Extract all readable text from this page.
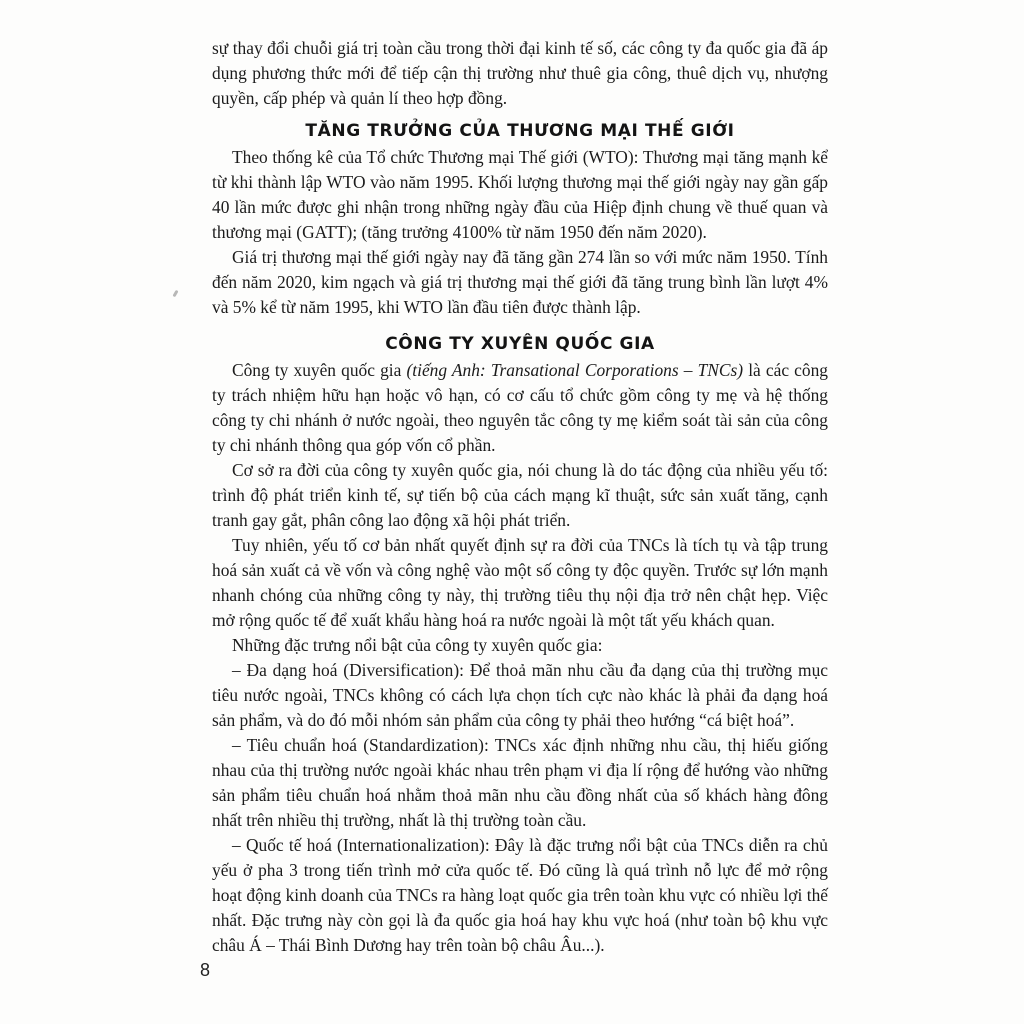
sự thay đổi chuỗi giá trị toàn cầu trong thời đại kinh tế số, các công ty đa quốc gia đã áp dụng phương thức mới để tiếp cận thị trường như thuê gia công, thuê dịch vụ, nhượng quyền, cấp phép và quản lí theo hợp đồng.

TĂNG TRƯỞNG CỦA THƯƠNG MẠI THẾ GIỚI

Theo thống kê của Tổ chức Thương mại Thế giới (WTO): Thương mại tăng mạnh kể từ khi thành lập WTO vào năm 1995. Khối lượng thương mại thế giới ngày nay gần gấp 40 lần mức được ghi nhận trong những ngày đầu của Hiệp định chung về thuế quan và thương mại (GATT); (tăng trưởng 4100% từ năm 1950 đến năm 2020).

Giá trị thương mại thế giới ngày nay đã tăng gần 274 lần so với mức năm 1950. Tính đến năm 2020, kim ngạch và giá trị thương mại thế giới đã tăng trung bình lần lượt 4% và 5% kể từ năm 1995, khi WTO lần đầu tiên được thành lập.

CÔNG TY XUYÊN QUỐC GIA

Công ty xuyên quốc gia (tiếng Anh: Transational Corporations – TNCs) là các công ty trách nhiệm hữu hạn hoặc vô hạn, có cơ cấu tổ chức gồm công ty mẹ và hệ thống công ty chi nhánh ở nước ngoài, theo nguyên tắc công ty mẹ kiểm soát tài sản của công ty chi nhánh thông qua góp vốn cổ phần.

Cơ sở ra đời của công ty xuyên quốc gia, nói chung là do tác động của nhiều yếu tố: trình độ phát triển kinh tế, sự tiến bộ của cách mạng kĩ thuật, sức sản xuất tăng, cạnh tranh gay gắt, phân công lao động xã hội phát triển.

Tuy nhiên, yếu tố cơ bản nhất quyết định sự ra đời của TNCs là tích tụ và tập trung hoá sản xuất cả về vốn và công nghệ vào một số công ty độc quyền. Trước sự lớn mạnh nhanh chóng của những công ty này, thị trường tiêu thụ nội địa trở nên chật hẹp. Việc mở rộng quốc tế để xuất khẩu hàng hoá ra nước ngoài là một tất yếu khách quan.

Những đặc trưng nổi bật của công ty xuyên quốc gia:

– Đa dạng hoá (Diversification): Để thoả mãn nhu cầu đa dạng của thị trường mục tiêu nước ngoài, TNCs không có cách lựa chọn tích cực nào khác là phải đa dạng hoá sản phẩm, và do đó mỗi nhóm sản phẩm của công ty phải theo hướng “cá biệt hoá”.

– Tiêu chuẩn hoá (Standardization): TNCs xác định những nhu cầu, thị hiếu giống nhau của thị trường nước ngoài khác nhau trên phạm vi địa lí rộng để hướng vào những sản phẩm tiêu chuẩn hoá nhằm thoả mãn nhu cầu đồng nhất của số khách hàng đông nhất trên nhiều thị trường, nhất là thị trường toàn cầu.

– Quốc tế hoá (Internationalization): Đây là đặc trưng nổi bật của TNCs diễn ra chủ yếu ở pha 3 trong tiến trình mở cửa quốc tế. Đó cũng là quá trình nỗ lực để mở rộng hoạt động kinh doanh của TNCs ra hàng loạt quốc gia trên toàn khu vực có nhiều lợi thế nhất. Đặc trưng này còn gọi là đa quốc gia hoá hay khu vực hoá (như toàn bộ khu vực châu Á – Thái Bình Dương hay trên toàn bộ châu Âu...).

8
